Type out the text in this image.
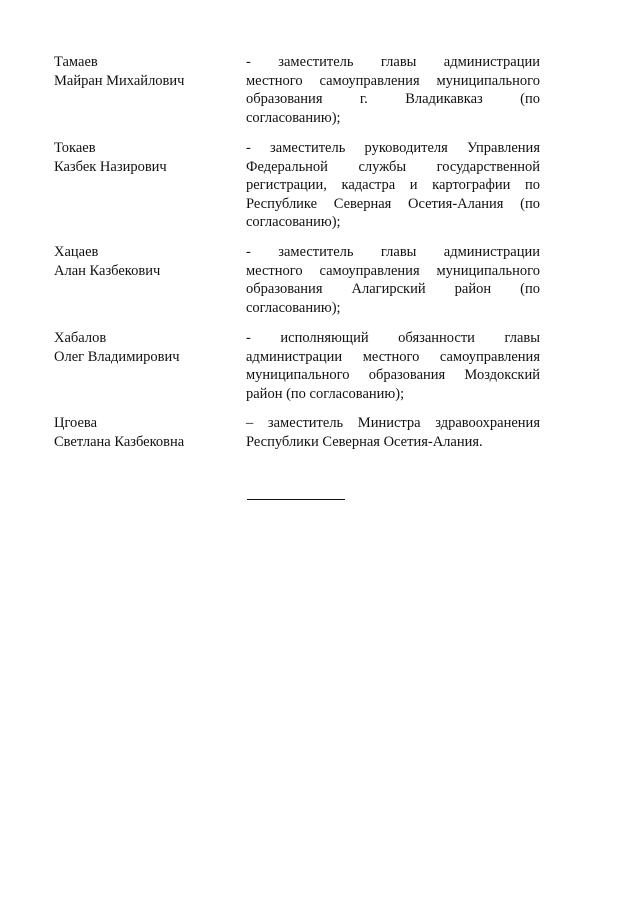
Тамаев
Майран Михайлович
- заместитель главы администрации
местного самоуправления муниципального
образования г. Владикавказ (по
согласованию);
Токаев
Казбек Назирович
- заместитель руководителя Управления
Федеральной службы государственной
регистрации, кадастра и картографии по
Республике Северная Осетия-Алания (по
согласованию);
Хацаев
Алан Казбекович
- заместитель главы администрации
местного самоуправления муниципального
образования Алагирский район (по
согласованию);
Хабалов
Олег Владимирович
- исполняющий обязанности главы
администрации местного самоуправления
муниципального образования Моздокский
район (по согласованию);
Цгоева
Светлана Казбековна
– заместитель Министра здравоохранения
Республики Северная Осетия-Алания.
